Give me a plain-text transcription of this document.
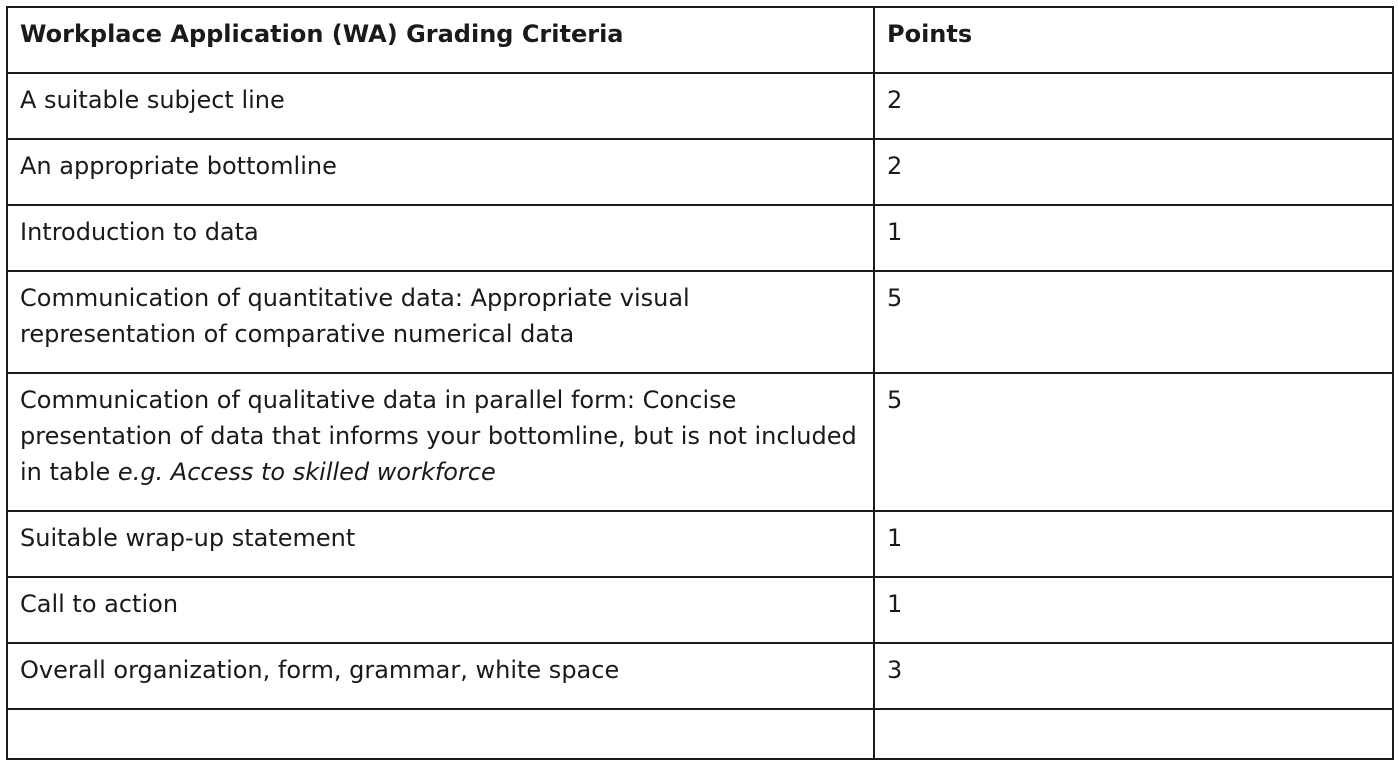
Workplace Application (WA) Grading Criteria	Points
A suitable subject line	2
An appropriate bottomline	2
Introduction to data	1
Communication of quantitative data: Appropriate visual representation of comparative numerical data	5
Communication of qualitative data in parallel form: Concise presentation of data that informs your bottomline, but is not included in table e.g. Access to skilled workforce	5
Suitable wrap-up statement	1
Call to action	1
Overall organization, form, grammar, white space	3
